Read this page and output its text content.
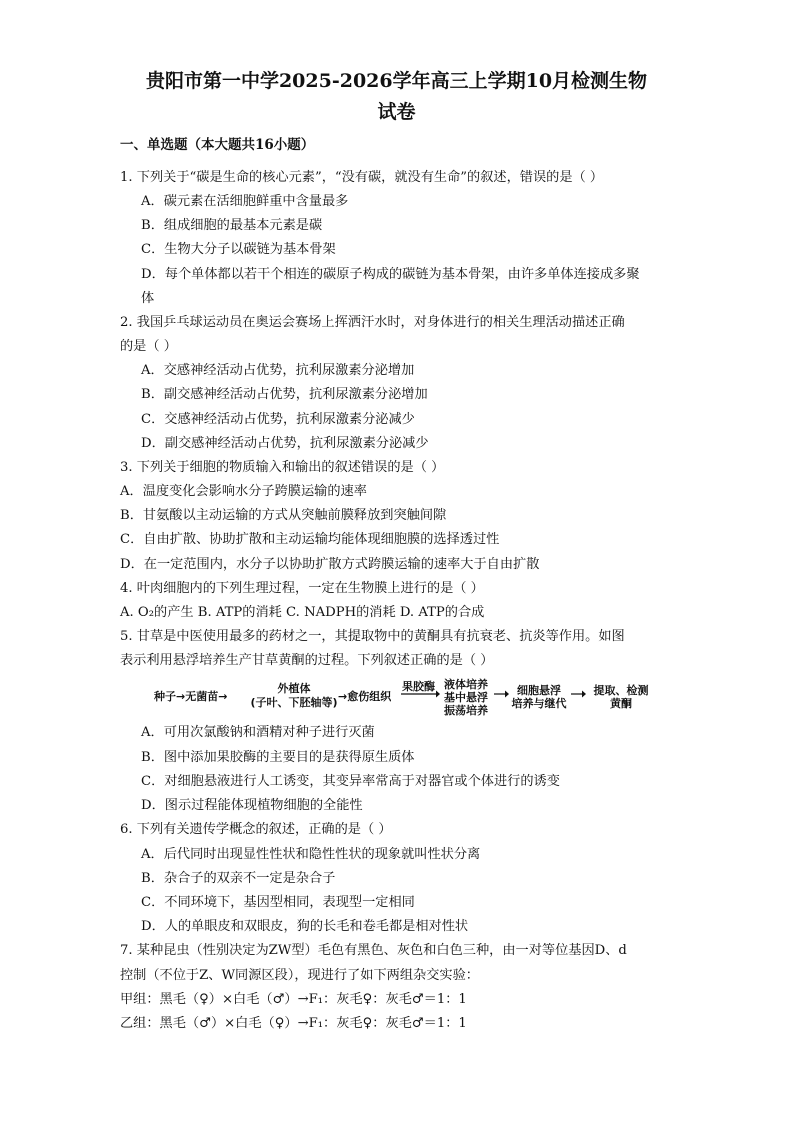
贵阳市第一中学2025-2026学年高三上学期10月检测生物
试卷
一、单选题（本大题共16小题）
1. 下列关于“碳是生命的核心元素”，“没有碳，就没有生命”的叙述，错误的是（ ）
A．碳元素在活细胞鲜重中含量最多
B．组成细胞的最基本元素是碳
C．生物大分子以碳链为基本骨架
D．每个单体都以若干个相连的碳原子构成的碳链为基本骨架，由许多单体连接成多聚
体
2. 我国乒乓球运动员在奥运会赛场上挥洒汗水时，对身体进行的相关生理活动描述正确
的是（ ）
A．交感神经活动占优势，抗利尿激素分泌增加
B．副交感神经活动占优势，抗利尿激素分泌增加
C．交感神经活动占优势，抗利尿激素分泌减少
D．副交感神经活动占优势，抗利尿激素分泌减少
3. 下列关于细胞的物质输入和输出的叙述错误的是（ ）
A．温度变化会影响水分子跨膜运输的速率
B．甘氨酸以主动运输的方式从突触前膜释放到突触间隙
C．自由扩散、协助扩散和主动运输均能体现细胞膜的选择透过性
D．在一定范围内，水分子以协助扩散方式跨膜运输的速率大于自由扩散
4. 叶肉细胞内的下列生理过程，一定在生物膜上进行的是（ ）
A. O₂的产生 B. ATP的消耗 C. NADPH的消耗 D. ATP的合成
5. 甘草是中医使用最多的药材之一，其提取物中的黄酮具有抗衰老、抗炎等作用。如图
表示利用悬浮培养生产甘草黄酮的过程。下列叙述正确的是（ ）
种子→无菌苗→
外植体
(子叶、下胚轴等) →愈伤组织
果胶酶 液体培养
基中悬浮
振荡培养
细胞悬浮
培养与继代
提取、检测
黄酮
A．可用次氯酸钠和酒精对种子进行灭菌
B．图中添加果胶酶的主要目的是获得原生质体
C．对细胞悬液进行人工诱变，其变异率常高于对器官或个体进行的诱变
D．图示过程能体现植物细胞的全能性
6. 下列有关遗传学概念的叙述，正确的是（ ）
A．后代同时出现显性性状和隐性性状的现象就叫性状分离
B．杂合子的双亲不一定是杂合子
C．不同环境下，基因型相同，表现型一定相同
D．人的单眼皮和双眼皮，狗的长毛和卷毛都是相对性状
7. 某种昆虫（性别决定为ZW型）毛色有黑色、灰色和白色三种，由一对等位基因D、d
控制（不位于Z、W同源区段），现进行了如下两组杂交实验：
甲组：黑毛（♀）×白毛（♂）→F₁：灰毛♀：灰毛♂＝1：1
乙组：黑毛（♂）×白毛（♀）→F₁：灰毛♀：灰毛♂＝1：1
